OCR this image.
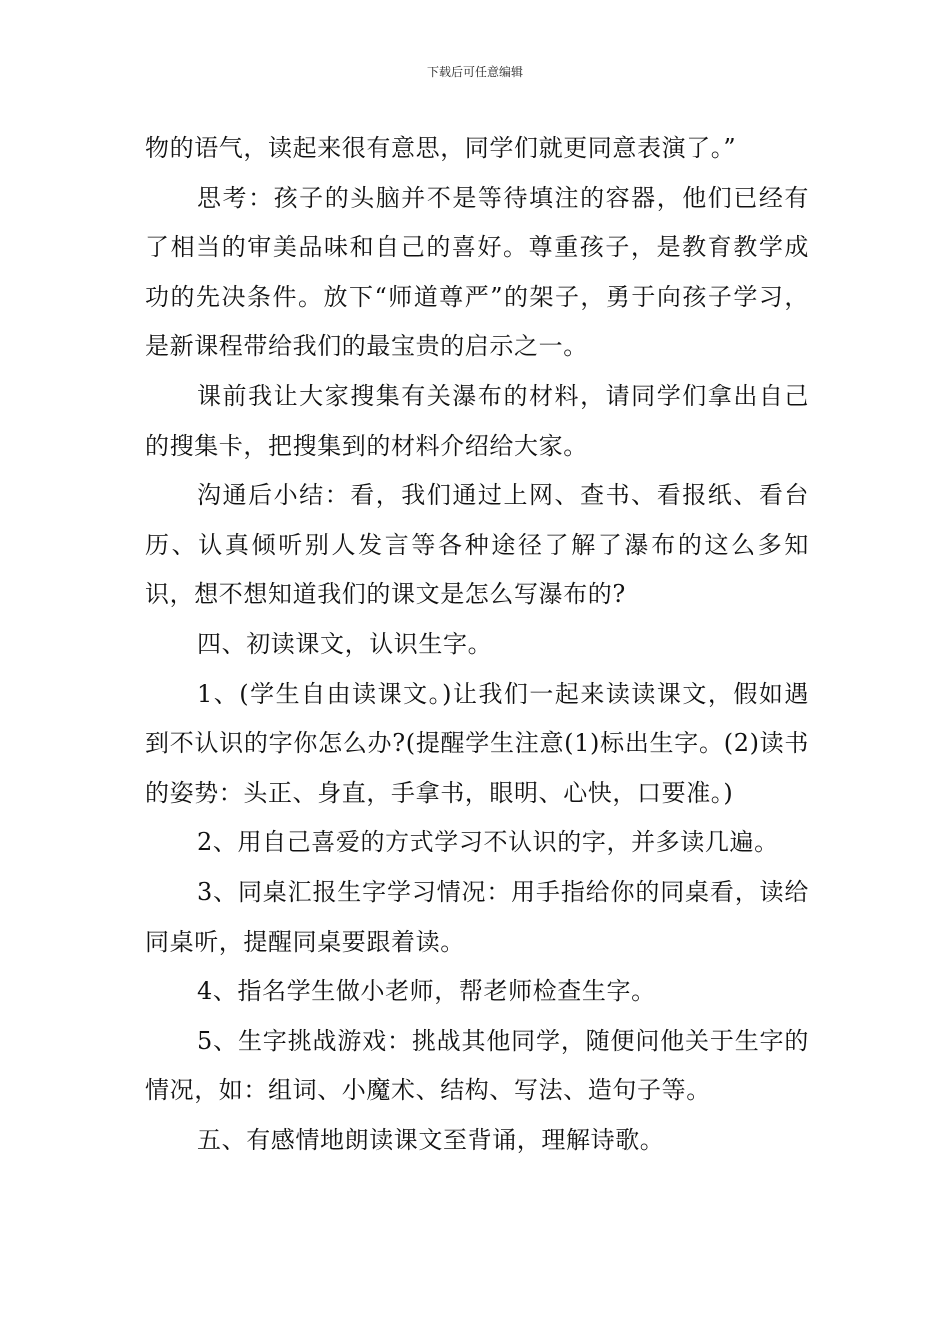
下载后可任意编辑

物的语气，读起来很有意思，同学们就更同意表演了。”

思考：孩子的头脑并不是等待填注的容器，他们已经有了相当的审美品味和自己的喜好。尊重孩子，是教育教学成功的先决条件。放下“师道尊严”的架子，勇于向孩子学习，是新课程带给我们的最宝贵的启示之一。

课前我让大家搜集有关瀑布的材料，请同学们拿出自己的搜集卡，把搜集到的材料介绍给大家。

沟通后小结：看，我们通过上网、查书、看报纸、看台历、认真倾听别人发言等各种途径了解了瀑布的这么多知识，想不想知道我们的课文是怎么写瀑布的?

四、初读课文，认识生字。

1、(学生自由读课文。)让我们一起来读读课文，假如遇到不认识的字你怎么办?(提醒学生注意(1)标出生字。(2)读书的姿势：头正、身直，手拿书，眼明、心快，口要准。)

2、用自己喜爱的方式学习不认识的字，并多读几遍。

3、同桌汇报生字学习情况：用手指给你的同桌看，读给同桌听，提醒同桌要跟着读。

4、指名学生做小老师，帮老师检查生字。

5、生字挑战游戏：挑战其他同学，随便问他关于生字的情况，如：组词、小魔术、结构、写法、造句子等。

五、有感情地朗读课文至背诵，理解诗歌。
